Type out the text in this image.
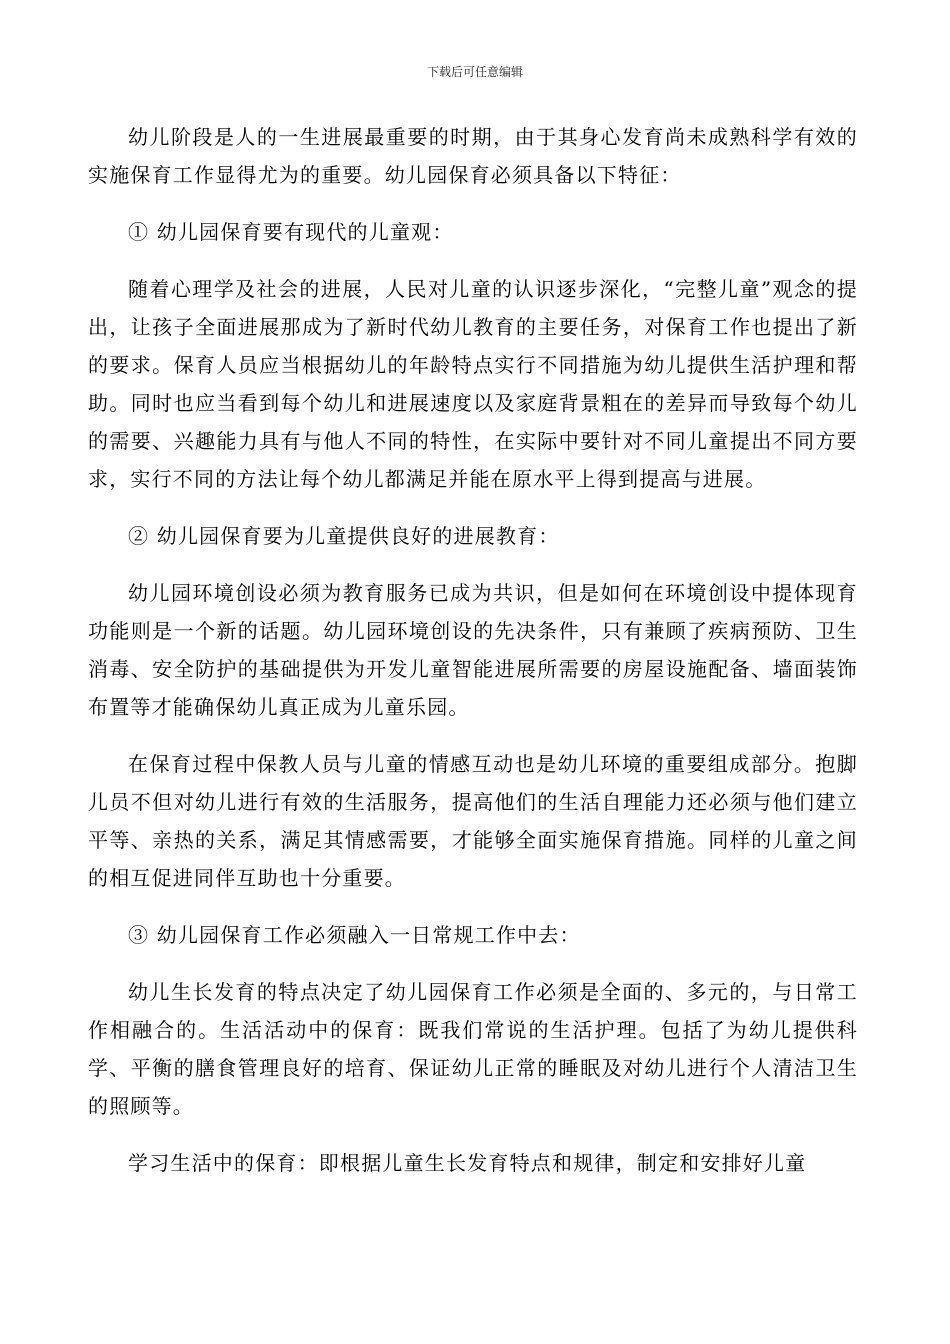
下载后可任意编辑

幼儿阶段是人的一生进展最重要的时期，由于其身心发育尚未成熟科学有效的实施保育工作显得尤为的重要。幼儿园保育必须具备以下特征：

① 幼儿园保育要有现代的儿童观：

随着心理学及社会的进展，人民对儿童的认识逐步深化，“完整儿童”观念的提出，让孩子全面进展那成为了新时代幼儿教育的主要任务，对保育工作也提出了新的要求。保育人员应当根据幼儿的年龄特点实行不同措施为幼儿提供生活护理和帮助。同时也应当看到每个幼儿和进展速度以及家庭背景粗在的差异而导致每个幼儿的需要、兴趣能力具有与他人不同的特性，在实际中要针对不同儿童提出不同方要求，实行不同的方法让每个幼儿都满足并能在原水平上得到提高与进展。

② 幼儿园保育要为儿童提供良好的进展教育：

幼儿园环境创设必须为教育服务已成为共识，但是如何在环境创设中提体现育功能则是一个新的话题。幼儿园环境创设的先决条件，只有兼顾了疾病预防、卫生消毒、安全防护的基础提供为开发儿童智能进展所需要的房屋设施配备、墙面装饰布置等才能确保幼儿真正成为儿童乐园。

在保育过程中保教人员与儿童的情感互动也是幼儿环境的重要组成部分。抱脚儿员不但对幼儿进行有效的生活服务，提高他们的生活自理能力还必须与他们建立平等、亲热的关系，满足其情感需要，才能够全面实施保育措施。同样的儿童之间的相互促进同伴互助也十分重要。

③ 幼儿园保育工作必须融入一日常规工作中去：

幼儿生长发育的特点决定了幼儿园保育工作必须是全面的、多元的，与日常工作相融合的。生活活动中的保育：既我们常说的生活护理。包括了为幼儿提供科学、平衡的膳食管理良好的培育、保证幼儿正常的睡眠及对幼儿进行个人清洁卫生的照顾等。

学习生活中的保育：即根据儿童生长发育特点和规律，制定和安排好儿童
